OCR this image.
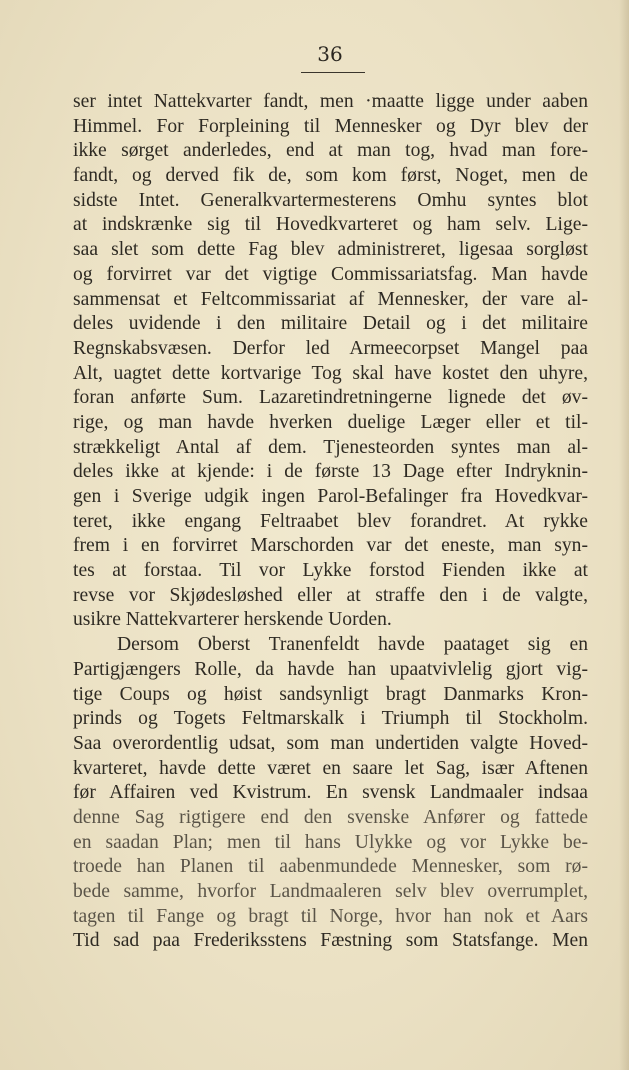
36
ser intet Nattekvarter fandt, men ·maatte ligge under aaben
Himmel. For Forpleining til Mennesker og Dyr blev der
ikke sørget anderledes, end at man tog, hvad man fore-
fandt, og derved fik de, som kom først, Noget, men de
sidste Intet. Generalkvartermesterens Omhu syntes blot
at indskrænke sig til Hovedkvarteret og ham selv. Lige-
saa slet som dette Fag blev administreret, ligesaa sorgløst
og forvirret var det vigtige Commissariatsfag. Man havde
sammensat et Feltcommissariat af Mennesker, der vare al-
deles uvidende i den militaire Detail og i det militaire
Regnskabsvæsen. Derfor led Armeecorpset Mangel paa
Alt, uagtet dette kortvarige Tog skal have kostet den uhyre,
foran anførte Sum. Lazaretindretningerne lignede det øv-
rige, og man havde hverken duelige Læger eller et til-
strækkeligt Antal af dem. Tjenesteorden syntes man al-
deles ikke at kjende: i de første 13 Dage efter Indryknin-
gen i Sverige udgik ingen Parol-Befalinger fra Hovedkvar-
teret, ikke engang Feltraabet blev forandret. At rykke
frem i en forvirret Marschorden var det eneste, man syn-
tes at forstaa. Til vor Lykke forstod Fienden ikke at
revse vor Skjødesløshed eller at straffe den i de valgte,
usikre Nattekvarterer herskende Uorden.
Dersom Oberst Tranenfeldt havde paataget sig en
Partigjængers Rolle, da havde han upaatvivlelig gjort vig-
tige Coups og høist sandsynligt bragt Danmarks Kron-
prinds og Togets Feltmarskalk i Triumph til Stockholm.
Saa overordentlig udsat, som man undertiden valgte Hoved-
kvarteret, havde dette været en saare let Sag, især Aftenen
før Affairen ved Kvistrum. En svensk Landmaaler indsaa
denne Sag rigtigere end den svenske Anfører og fattede
en saadan Plan; men til hans Ulykke og vor Lykke be-
troede han Planen til aabenmundede Mennesker, som rø-
bede samme, hvorfor Landmaaleren selv blev overrumplet,
tagen til Fange og bragt til Norge, hvor han nok et Aars
Tid sad paa Frederiksstens Fæstning som Statsfange. Men
